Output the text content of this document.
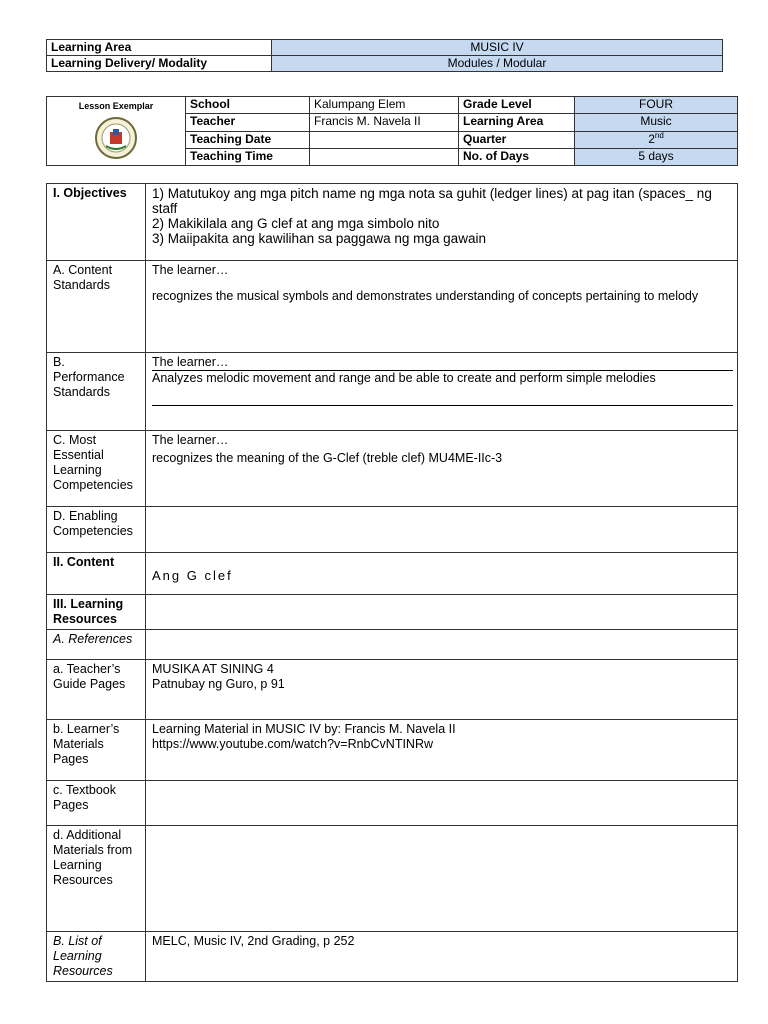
Learning Area	MUSIC IV
Learning Delivery/ Modality	Modules / Modular
Lesson Exemplar	School	Kalumpang Elem	Grade Level	FOUR
	Teacher	Francis M. Navela II	Learning Area	Music
	Teaching Date		Quarter	2nd
	Teaching Time		No. of Days	5 days
I. Objectives	1) Matutukoy ang mga pitch name ng mga nota sa guhit (ledger lines) at pag itan (spaces_ ng staff
2) Makikilala ang G clef at ang mga simbolo nito
3) Maiipakita ang kawilihan sa paggawa ng mga gawain

A. Content Standards	The learner…
recognizes the musical symbols and demonstrates understanding of concepts pertaining to melody

B. Performance Standards	The learner…
Analyzes melodic movement and range and be able to create and perform simple melodies

C. Most Essential Learning Competencies	The learner…
recognizes the meaning of the G-Clef (treble clef) MU4ME-IIc-3

D. Enabling Competencies	
II. Content	Ang G clef

III. Learning Resources	
A. References	
a. Teacher’s Guide Pages	MUSIKA AT SINING 4
Patnubay ng Guro, p 91

b. Learner’s Materials Pages	Learning Material in MUSIC IV by: Francis M. Navela II
https://www.youtube.com/watch?v=RnbCvNTINRw

c. Textbook Pages	
d. Additional Materials from Learning Resources	
B. List of Learning Resources	MELC, Music IV, 2nd Grading, p 252
